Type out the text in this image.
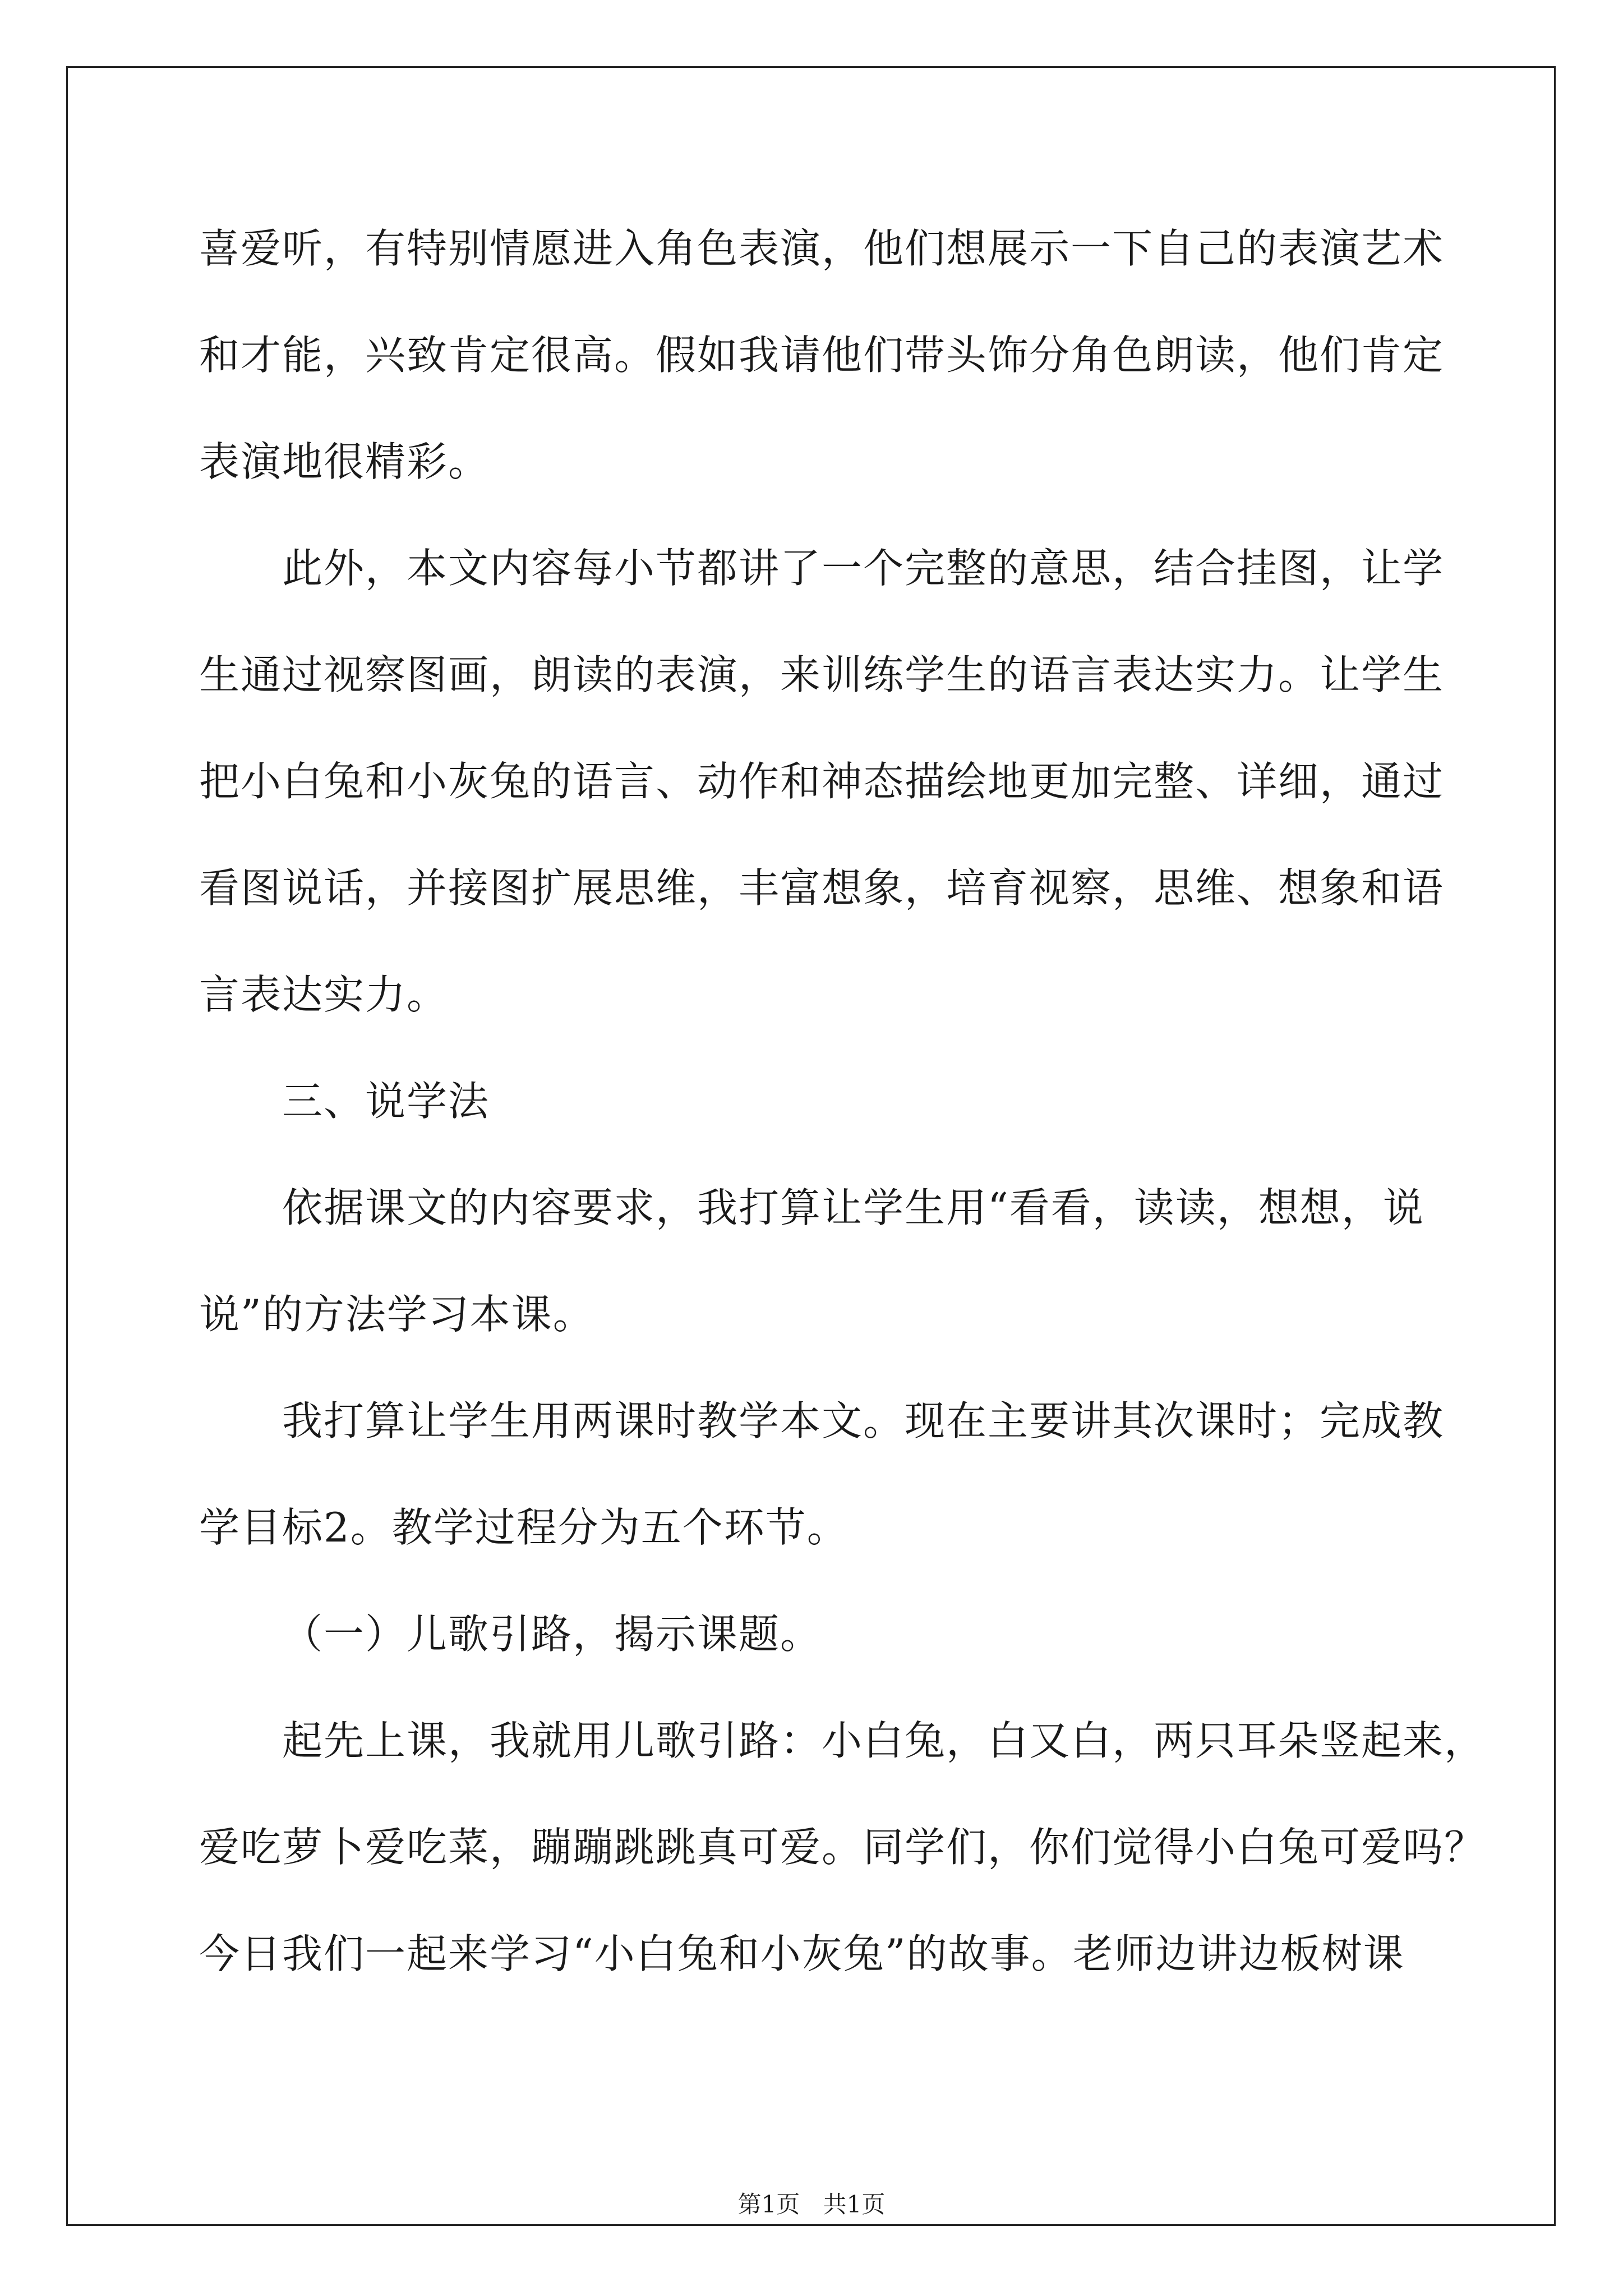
喜爱听，有特别情愿进入角色表演，他们想展示一下自己的表演艺术
和才能，兴致肯定很高。假如我请他们带头饰分角色朗读，他们肯定
表演地很精彩。
此外，本文内容每小节都讲了一个完整的意思，结合挂图，让学
生通过视察图画，朗读的表演，来训练学生的语言表达实力。让学生
把小白兔和小灰兔的语言、动作和神态描绘地更加完整、详细，通过
看图说话，并接图扩展思维，丰富想象，培育视察，思维、想象和语
言表达实力。
三、说学法
依据课文的内容要求，我打算让学生用“看看，读读，想想，说
说”的方法学习本课。
我打算让学生用两课时教学本文。现在主要讲其次课时；完成教
学目标2。教学过程分为五个环节。
（一）儿歌引路，揭示课题。
起先上课，我就用儿歌引路：小白兔，白又白，两只耳朵竖起来，
爱吃萝卜爱吃菜，蹦蹦跳跳真可爱。同学们，你们觉得小白兔可爱吗？
今日我们一起来学习“小白兔和小灰兔”的故事。老师边讲边板树课
第1页 共1页
